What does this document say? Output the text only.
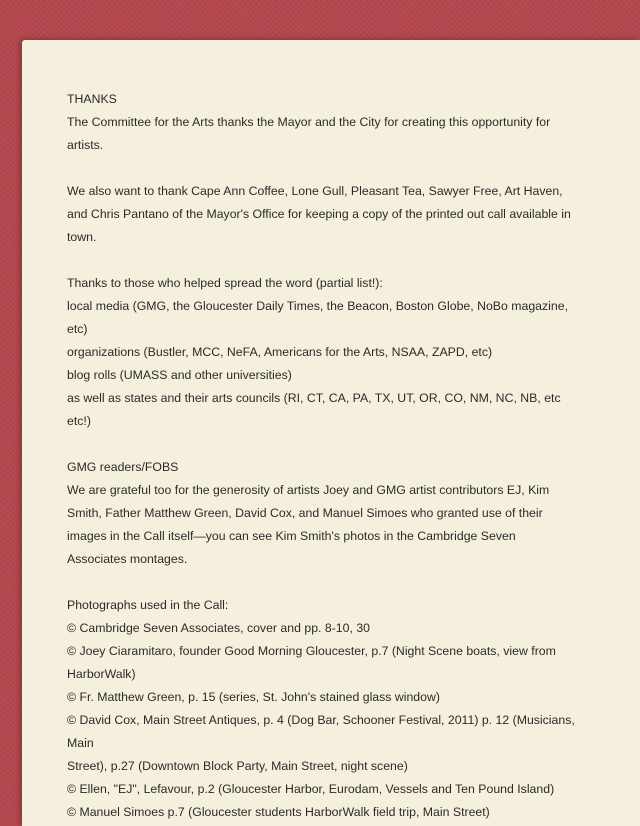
THANKS
The Committee for the Arts thanks the Mayor and the City for creating this opportunity for
artists.
We also want to thank Cape Ann Coffee, Lone Gull, Pleasant Tea, Sawyer Free, Art Haven,
and Chris Pantano of the Mayor's Office for keeping a copy of the printed out call available in
town.
Thanks to those who helped spread the word (partial list!):
local media (GMG, the Gloucester Daily Times, the Beacon, Boston Globe, NoBo magazine,
etc)
organizations (Bustler, MCC, NeFA, Americans for the Arts, NSAA, ZAPD, etc)
blog rolls (UMASS and other universities)
as well as states and their arts councils (RI, CT, CA, PA, TX, UT, OR, CO, NM, NC, NB, etc
etc!)
GMG readers/FOBS
We are grateful too for the generosity of artists Joey and GMG artist contributors EJ, Kim
Smith, Father Matthew Green, David Cox, and Manuel Simoes who granted use of their
images in the Call itself—you can see Kim Smith's photos in the Cambridge Seven
Associates montages.
Photographs used in the Call:
© Cambridge Seven Associates, cover and pp. 8-10, 30
© Joey Ciaramitaro, founder Good Morning Gloucester, p.7 (Night Scene boats, view from
HarborWalk)
© Fr. Matthew Green, p. 15 (series, St. John's stained glass window)
© David Cox, Main Street Antiques, p. 4 (Dog Bar, Schooner Festival, 2011) p. 12 (Musicians,
Main
Street), p.27 (Downtown Block Party, Main Street, night scene)
© Ellen, "EJ", Lefavour, p.2 (Gloucester Harbor, Eurodam, Vessels and Ten Pound Island)
© Manuel Simoes p.7 (Gloucester students HarborWalk field trip, Main Street)
